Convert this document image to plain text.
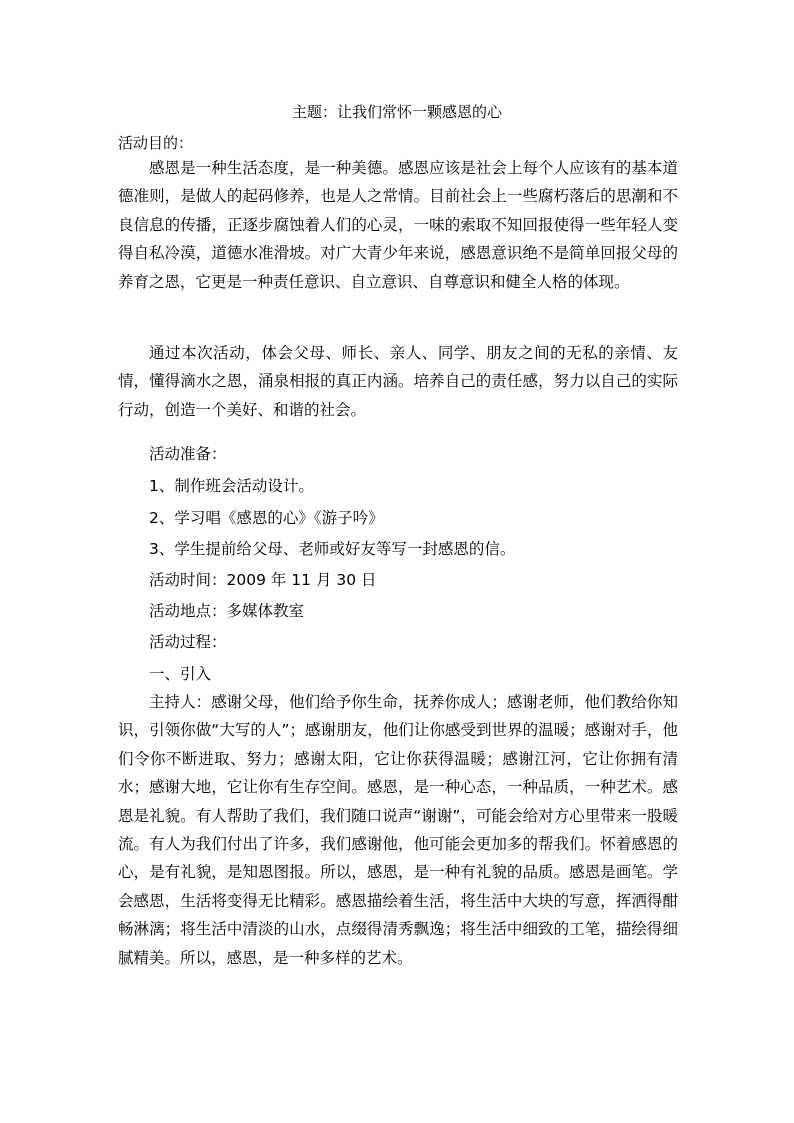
主题：让我们常怀一颗感恩的心
活动目的：

感恩是一种生活态度，是一种美德。感恩应该是社会上每个人应该有的基本道德准则，是做人的起码修养，也是人之常情。目前社会上一些腐朽落后的思潮和不良信息的传播，正逐步腐蚀着人们的心灵，一味的索取不知回报使得一些年轻人变得自私冷漠，道德水准滑坡。对广大青少年来说，感恩意识绝不是简单回报父母的养育之恩，它更是一种责任意识、自立意识、自尊意识和健全人格的体现。

通过本次活动，体会父母、师长、亲人、同学、朋友之间的无私的亲情、友情，懂得滴水之恩，涌泉相报的真正内涵。培养自己的责任感，努力以自己的实际行动，创造一个美好、和谐的社会。

活动准备：
1、制作班会活动设计。
2、学习唱《感恩的心》《游子吟》
3、学生提前给父母、老师或好友等写一封感恩的信。
活动时间：2009 年 11 月 30 日
活动地点：多媒体教室
活动过程：
一、引入

主持人：感谢父母，他们给予你生命，抚养你成人；感谢老师，他们教给你知识，引领你做“大写的人”；感谢朋友，他们让你感受到世界的温暖；感谢对手，他们令你不断进取、努力；感谢太阳，它让你获得温暖；感谢江河，它让你拥有清水；感谢大地，它让你有生存空间。感恩，是一种心态，一种品质，一种艺术。感恩是礼貌。有人帮助了我们，我们随口说声“谢谢”，可能会给对方心里带来一股暖流。有人为我们付出了许多，我们感谢他，他可能会更加多的帮我们。怀着感恩的心，是有礼貌，是知恩图报。所以，感恩，是一种有礼貌的品质。感恩是画笔。学会感恩，生活将变得无比精彩。感恩描绘着生活，将生活中大块的写意，挥洒得酣畅淋漓；将生活中清淡的山水，点缀得清秀飘逸；将生活中细致的工笔，描绘得细腻精美。所以，感恩，是一种多样的艺术。
